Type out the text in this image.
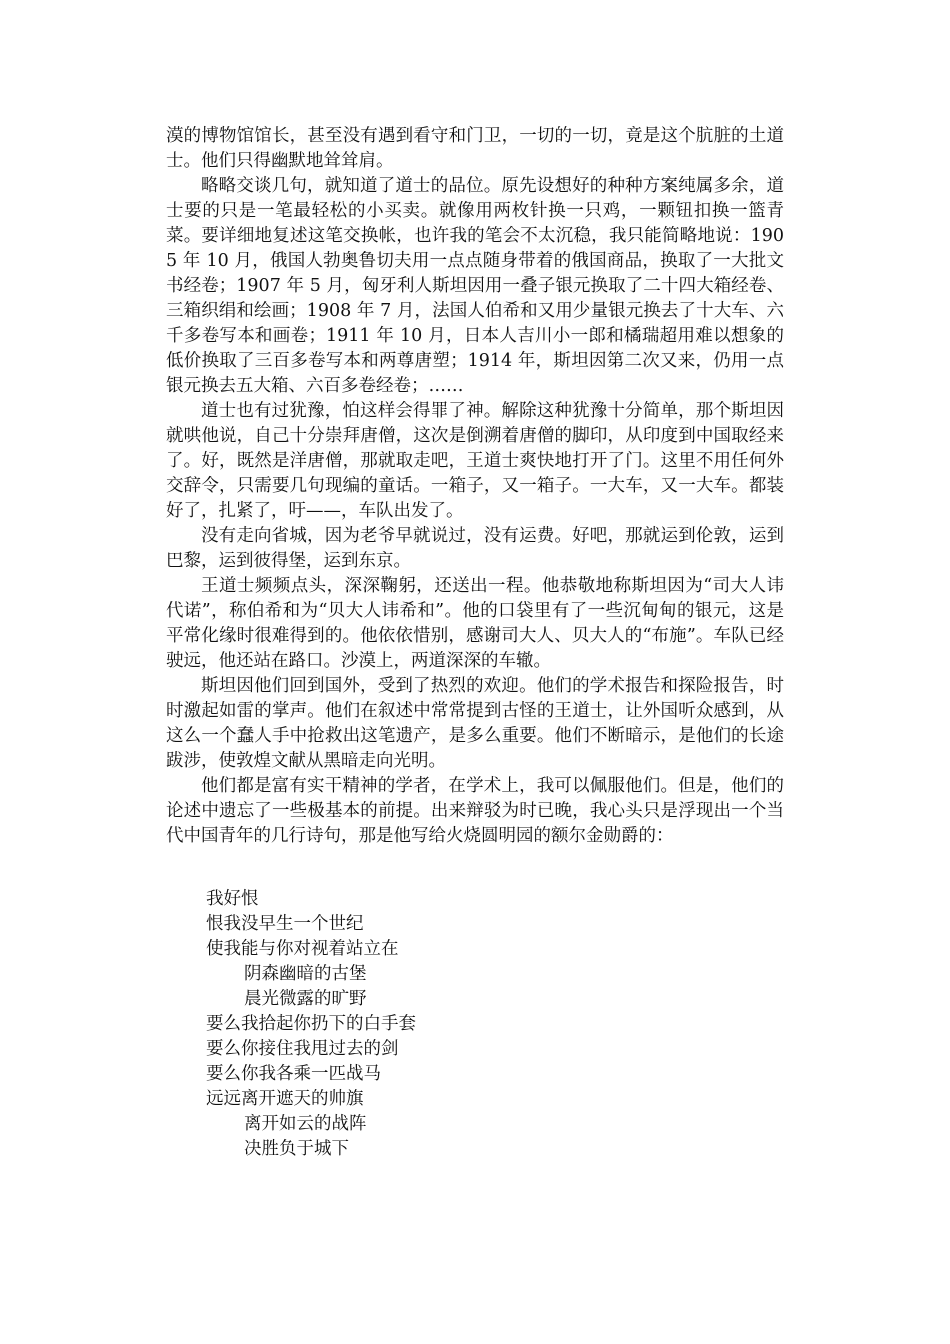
漠的博物馆馆长，甚至没有遇到看守和门卫，一切的一切，竟是这个肮脏的土道士。他们只得幽默地耸耸肩。

略略交谈几句，就知道了道士的品位。原先设想好的种种方案纯属多余，道士要的只是一笔最轻松的小买卖。就像用两枚针换一只鸡，一颗钮扣换一篮青菜。要详细地复述这笔交换帐，也许我的笔会不太沉稳，我只能简略地说：1905 年 10 月，俄国人勃奥鲁切夫用一点点随身带着的俄国商品，换取了一大批文书经卷；1907 年 5 月，匈牙利人斯坦因用一叠子银元换取了二十四大箱经卷、三箱织绢和绘画；1908 年 7 月，法国人伯希和又用少量银元换去了十大车、六千多卷写本和画卷；1911 年 10 月，日本人吉川小一郎和橘瑞超用难以想象的低价换取了三百多卷写本和两尊唐塑；1914 年，斯坦因第二次又来，仍用一点银元换去五大箱、六百多卷经卷；……

道士也有过犹豫，怕这样会得罪了神。解除这种犹豫十分简单，那个斯坦因就哄他说，自己十分崇拜唐僧，这次是倒溯着唐僧的脚印，从印度到中国取经来了。好，既然是洋唐僧，那就取走吧，王道士爽快地打开了门。这里不用任何外交辞令，只需要几句现编的童话。一箱子，又一箱子。一大车，又一大车。都装好了，扎紧了，吁——，车队出发了。

没有走向省城，因为老爷早就说过，没有运费。好吧，那就运到伦敦，运到巴黎，运到彼得堡，运到东京。

王道士频频点头，深深鞠躬，还送出一程。他恭敬地称斯坦因为“司大人讳代诺”，称伯希和为“贝大人讳希和”。他的口袋里有了一些沉甸甸的银元，这是平常化缘时很难得到的。他依依惜别，感谢司大人、贝大人的“布施”。车队已经驶远，他还站在路口。沙漠上，两道深深的车辙。

斯坦因他们回到国外，受到了热烈的欢迎。他们的学术报告和探险报告，时时激起如雷的掌声。他们在叙述中常常提到古怪的王道士，让外国听众感到，从这么一个蠢人手中抢救出这笔遗产，是多么重要。他们不断暗示，是他们的长途跋涉，使敦煌文献从黑暗走向光明。

他们都是富有实干精神的学者，在学术上，我可以佩服他们。但是，他们的论述中遗忘了一些极基本的前提。出来辩驳为时已晚，我心头只是浮现出一个当代中国青年的几行诗句，那是他写给火烧圆明园的额尔金勋爵的：

我好恨

恨我没早生一个世纪

使我能与你对视着站立在

阴森幽暗的古堡

晨光微露的旷野

要么我拾起你扔下的白手套

要么你接住我甩过去的剑

要么你我各乘一匹战马

远远离开遮天的帅旗

离开如云的战阵

决胜负于城下
